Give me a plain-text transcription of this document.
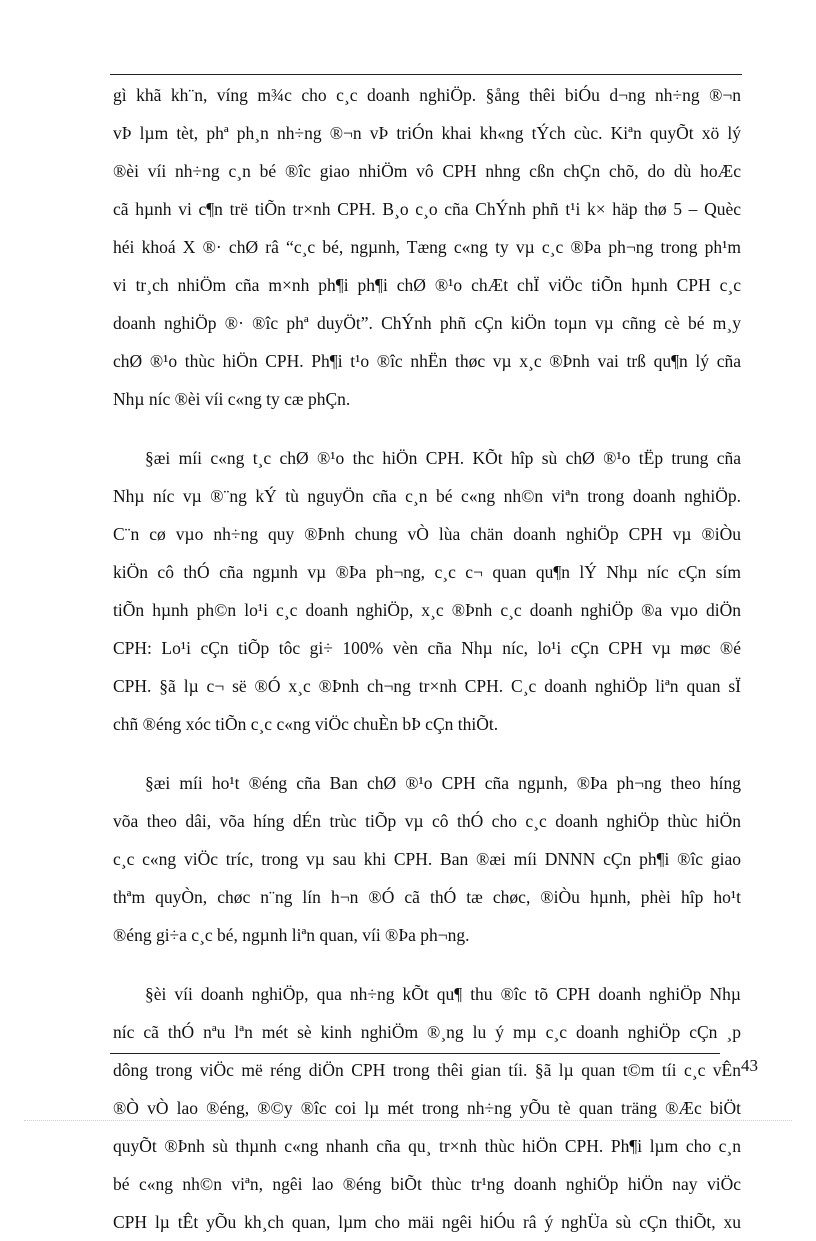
gì khã kh¨n, víng m¾c cho c¸c doanh nghiÖp. §ång thêi biÓu d¬ng nh÷ng ®¬n
vÞ lµm tèt, phª ph¸n nh÷ng ®¬n vÞ triÓn khai kh«ng tÝch cùc. Kiªn quyÕt xö lý
®èi víi nh÷ng c¸n bé ®îc giao nhiÖm vô CPH nhng cßn chÇn chõ, do dù hoÆc
cã hµnh vi c¶n trë tiÕn tr×nh CPH. B¸o c¸o cña ChÝnh phñ t¹i k× häp thø 5 – Quèc
héi khoá X ®· chØ râ “c¸c bé, ngµnh, Tæng c«ng ty vµ c¸c ®Þa ph¬ng trong ph¹m
vi tr¸ch nhiÖm cña m×nh ph¶i ph¶i chØ ®¹o chÆt chÏ viÖc tiÕn hµnh CPH c¸c
doanh nghiÖp ®· ®îc phª duyÖt”. ChÝnh phñ cÇn kiÖn toµn vµ cñng cè bé m¸y
chØ ®¹o thùc hiÖn CPH. Ph¶i t¹o ®îc nhËn thøc vµ x¸c ®Þnh vai trß qu¶n lý cña
Nhµ níc ®èi víi c«ng ty cæ phÇn.
§æi míi c«ng t¸c chØ ®¹o thc hiÖn CPH. KÕt hîp sù chØ ®¹o tËp trung cña
Nhµ níc vµ ®¨ng kÝ tù nguyÖn cña c¸n bé c«ng nh©n viªn trong doanh nghiÖp.
C¨n cø vµo nh÷ng quy ®Þnh chung vÒ lùa chän doanh nghiÖp CPH vµ ®iÒu
kiÖn cô thÓ cña ngµnh vµ ®Þa ph¬ng, c¸c c¬ quan qu¶n lÝ Nhµ níc cÇn sím
tiÕn hµnh ph©n lo¹i c¸c doanh nghiÖp, x¸c ®Þnh c¸c doanh nghiÖp ®a vµo diÖn
CPH: Lo¹i cÇn tiÕp tôc gi÷ 100% vèn cña Nhµ níc, lo¹i cÇn CPH vµ møc ®é
CPH. §ã lµ c¬ së ®Ó x¸c ®Þnh ch¬ng tr×nh CPH. C¸c doanh nghiÖp liªn quan sÏ
chñ ®éng xóc tiÕn c¸c c«ng viÖc chuÈn bÞ cÇn thiÕt.
§æi míi ho¹t ®éng cña Ban chØ ®¹o CPH cña ngµnh, ®Þa ph¬ng theo híng
võa theo dâi, võa híng dÉn trùc tiÕp vµ cô thÓ cho c¸c doanh nghiÖp thùc hiÖn
c¸c c«ng viÖc tríc, trong vµ sau khi CPH. Ban ®æi míi DNNN cÇn ph¶i ®îc giao
thªm quyÒn, chøc n¨ng lín h¬n ®Ó cã thÓ tæ chøc, ®iÒu hµnh, phèi hîp ho¹t
®éng gi÷a c¸c bé, ngµnh liªn quan, víi ®Þa ph¬ng.
§èi víi doanh nghiÖp, qua nh÷ng kÕt qu¶ thu ®îc tõ CPH doanh nghiÖp Nhµ
níc cã thÓ nªu lªn mét sè kinh nghiÖm ®¸ng lu ý mµ c¸c doanh nghiÖp cÇn ¸p
dông trong viÖc më réng diÖn CPH trong thêi gian tíi. §ã lµ quan t©m tíi c¸c vÊn
®Ò vÒ lao ®éng, ®©y ®îc coi lµ mét trong nh÷ng yÕu tè quan träng ®Æc biÖt
quyÕt ®Þnh sù thµnh c«ng nhanh cña qu¸ tr×nh thùc hiÖn CPH. Ph¶i lµm cho c¸n
bé c«ng nh©n viªn, ngêi lao ®éng biÕt thùc tr¹ng doanh nghiÖp hiÖn nay viÖc
CPH lµ tÊt yÕu kh¸ch quan, lµm cho mäi ngêi hiÓu râ ý nghÜa sù cÇn thiÕt, xu
43
